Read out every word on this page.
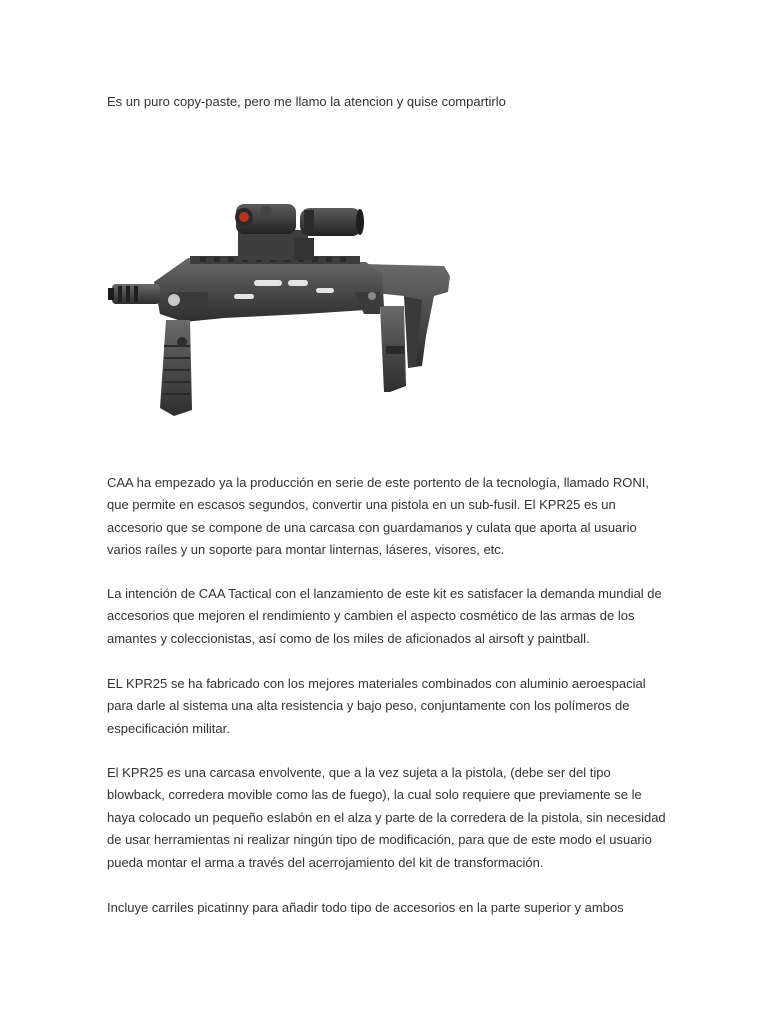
Es un puro copy-paste, pero me llamo la atencion y quise compartirlo

CAA ha empezado ya la producción en serie de este portento de la tecnología, llamado RONI, que permite en escasos segundos, convertir una pistola en un sub-fusil. El KPR25 es un accesorio que se compone de una carcasa con guardamanos y culata que aporta al usuario varios raíles y un soporte para montar linternas, láseres, visores, etc.

La intención de CAA Tactical con el lanzamiento de este kit es satisfacer la demanda mundial de accesorios que mejoren el rendimiento y cambien el aspecto cosmético de las armas de los amantes y coleccionistas, así como de los miles de aficionados al airsoft y paintball.

EL KPR25 se ha fabricado con los mejores materiales combinados con aluminio aeroespacial para darle al sistema una alta resistencia y bajo peso, conjuntamente con los polímeros de especificación militar.

El KPR25 es una carcasa envolvente, que a la vez sujeta a la pistola, (debe ser del tipo blowback, corredera movible como las de fuego), la cual solo requiere que previamente se le haya colocado un pequeño eslabón en el alza y parte de la corredera de la pistola, sin necesidad de usar herramientas ni realizar ningún tipo de modificación, para que de este modo el usuario pueda montar el arma a través del acerrojamiento del kit de transformación.

Incluye carriles picatinny para añadir todo tipo de accesorios en la parte superior y ambos
